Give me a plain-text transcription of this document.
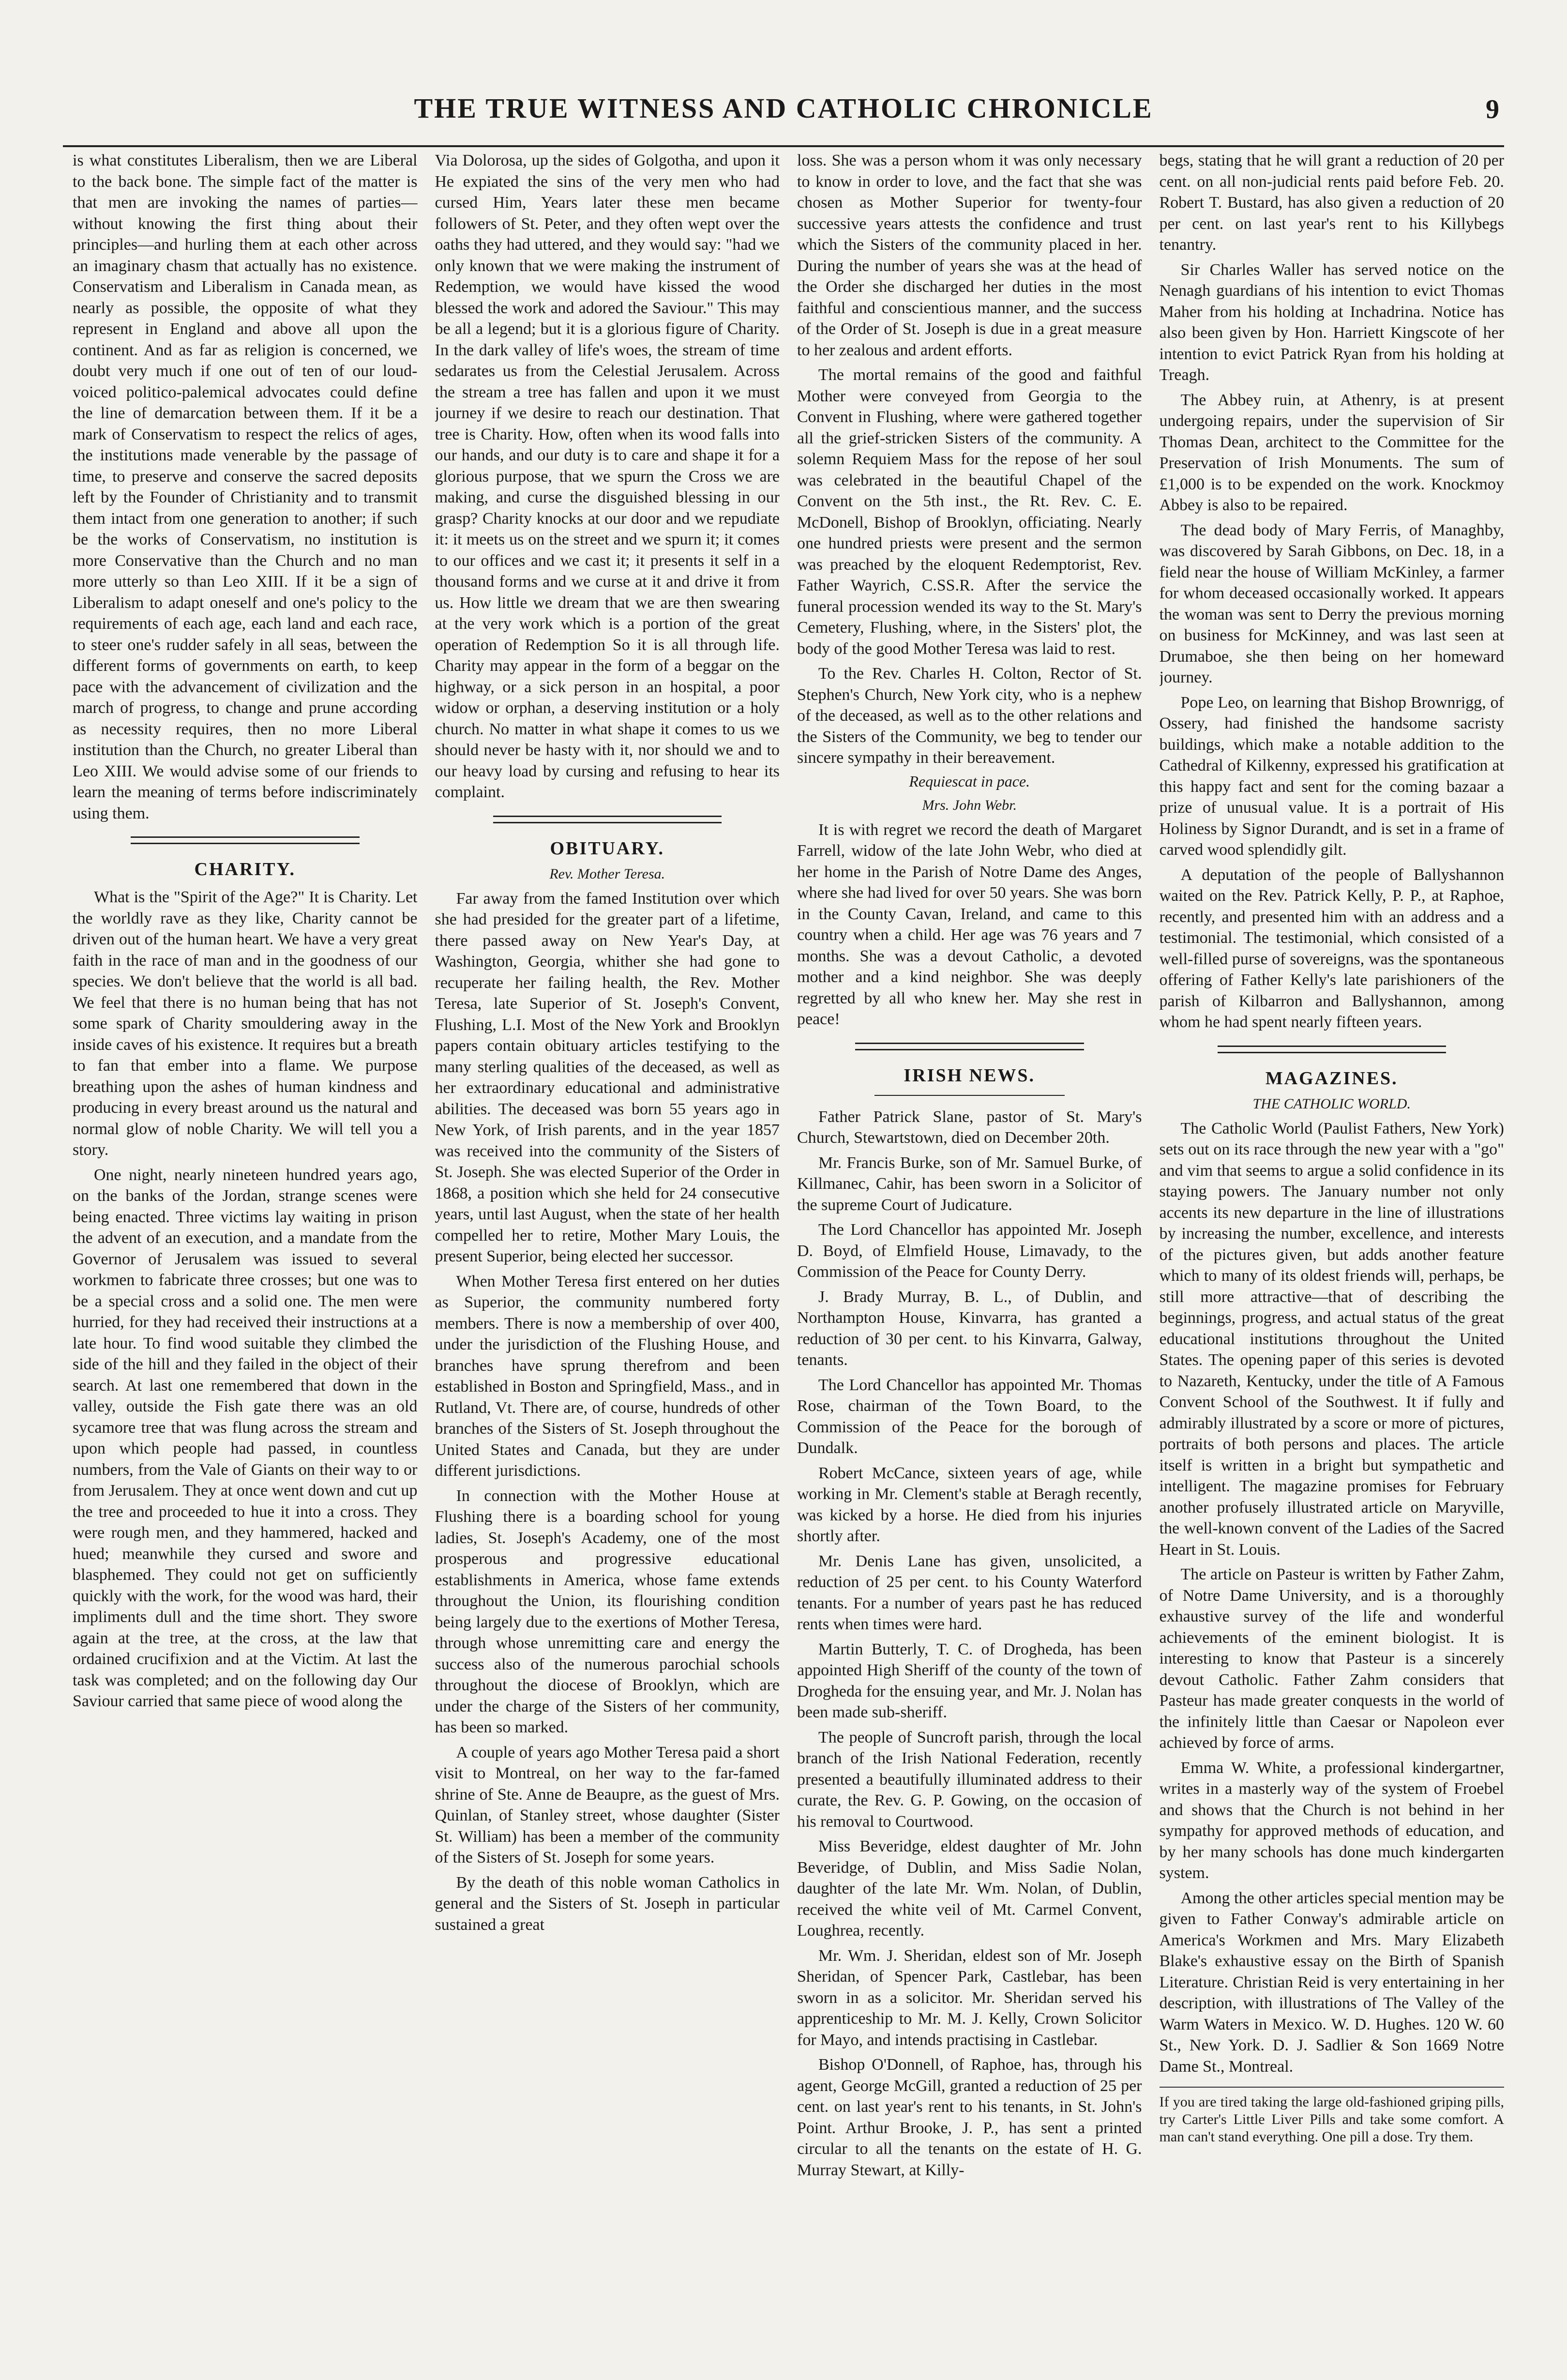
THE TRUE WITNESS AND CATHOLIC CHRONICLE	9

is what constitutes Liberalism, then we are Liberal to the back bone. The simple fact of the matter is that men are invoking the names of parties—without knowing the first thing about their principles—and hurling them at each other across an imaginary chasm that actually has no existence. Conservatism and Liberalism in Canada mean, as nearly as possible, the opposite of what they represent in England and above all upon the continent. And as far as religion is concerned, we doubt very much if one out of ten of our loud-voiced politico-palemical advocates could define the line of demarcation between them. If it be a mark of Conservatism to respect the relics of ages, the institutions made venerable by the passage of time, to preserve and conserve the sacred deposits left by the Founder of Christianity and to transmit them intact from one generation to another; if such be the works of Conservatism, no institution is more Conservative than the Church and no man more utterly so than Leo XIII. If it be a sign of Liberalism to adapt oneself and one's policy to the requirements of each age, each land and each race, to steer one's rudder safely in all seas, between the different forms of governments on earth, to keep pace with the advancement of civilization and the march of progress, to change and prune according as necessity requires, then no more Liberal institution than the Church, no greater Liberal than Leo XIII. We would advise some of our friends to learn the meaning of terms before indiscriminately using them.

CHARITY.

What is the "Spirit of the Age?" It is Charity. Let the worldly rave as they like, Charity cannot be driven out of the human heart. We have a very great faith in the race of man and in the goodness of our species. We don't believe that the world is all bad. We feel that there is no human being that has not some spark of Charity smouldering away in the inside caves of his existence. It requires but a breath to fan that ember into a flame. We purpose breathing upon the ashes of human kindness and producing in every breast around us the natural and normal glow of noble Charity. We will tell you a story.

One night, nearly nineteen hundred years ago, on the banks of the Jordan, strange scenes were being enacted. Three victims lay waiting in prison the advent of an execution, and a mandate from the Governor of Jerusalem was issued to several workmen to fabricate three crosses; but one was to be a special cross and a solid one. The men were hurried, for they had received their instructions at a late hour. To find wood suitable they climbed the side of the hill and they failed in the object of their search. At last one remembered that down in the valley, outside the Fish gate there was an old sycamore tree that was flung across the stream and upon which people had passed, in countless numbers, from the Vale of Giants on their way to or from Jerusalem. They at once went down and cut up the tree and proceeded to hue it into a cross. They were rough men, and they hammered, hacked and hued; meanwhile they cursed and swore and blasphemed. They could not get on sufficiently quickly with the work, for the wood was hard, their impliments dull and the time short. They swore again at the tree, at the cross, at the law that ordained crucifixion and at the Victim. At last the task was completed; and on the following day Our Saviour carried that same piece of wood along the

Via Dolorosa, up the sides of Golgotha, and upon it He expiated the sins of the very men who had cursed Him, Years later these men became followers of St. Peter, and they often wept over the oaths they had uttered, and they would say: "had we only known that we were making the instrument of Redemption, we would have kissed the wood blessed the work and adored the Saviour." This may be all a legend; but it is a glorious figure of Charity. In the dark valley of life's woes, the stream of time sedarates us from the Celestial Jerusalem. Across the stream a tree has fallen and upon it we must journey if we desire to reach our destination. That tree is Charity. How, often when its wood falls into our hands, and our duty is to care and shape it for a glorious purpose, that we spurn the Cross we are making, and curse the disguished blessing in our grasp? Charity knocks at our door and we repudiate it: it meets us on the street and we spurn it; it comes to our offices and we cast it; it presents it self in a thousand forms and we curse at it and drive it from us. How little we dream that we are then swearing at the very work which is a portion of the great operation of Redemption So it is all through life. Charity may appear in the form of a beggar on the highway, or a sick person in an hospital, a poor widow or orphan, a deserving institution or a holy church. No matter in what shape it comes to us we should never be hasty with it, nor should we and to our heavy load by cursing and refusing to hear its complaint.

OBITUARY.
Rev. Mother Teresa.

Far away from the famed Institution over which she had presided for the greater part of a lifetime, there passed away on New Year's Day, at Washington, Georgia, whither she had gone to recuperate her failing health, the Rev. Mother Teresa, late Superior of St. Joseph's Convent, Flushing, L.I. Most of the New York and Brooklyn papers contain obituary articles testifying to the many sterling qualities of the deceased, as well as her extraordinary educational and administrative abilities. The deceased was born 55 years ago in New York, of Irish parents, and in the year 1857 was received into the community of the Sisters of St. Joseph. She was elected Superior of the Order in 1868, a position which she held for 24 consecutive years, until last August, when the state of her health compelled her to retire, Mother Mary Louis, the present Superior, being elected her successor.

When Mother Teresa first entered on her duties as Superior, the community numbered forty members. There is now a membership of over 400, under the jurisdiction of the Flushing House, and branches have sprung therefrom and been established in Boston and Springfield, Mass., and in Rutland, Vt. There are, of course, hundreds of other branches of the Sisters of St. Joseph throughout the United States and Canada, but they are under different jurisdictions.

In connection with the Mother House at Flushing there is a boarding school for young ladies, St. Joseph's Academy, one of the most prosperous and progressive educational establishments in America, whose fame extends throughout the Union, its flourishing condition being largely due to the exertions of Mother Teresa, through whose unremitting care and energy the success also of the numerous parochial schools throughout the diocese of Brooklyn, which are under the charge of the Sisters of her community, has been so marked.

A couple of years ago Mother Teresa paid a short visit to Montreal, on her way to the far-famed shrine of Ste. Anne de Beaupre, as the guest of Mrs. Quinlan, of Stanley street, whose daughter (Sister St. William) has been a member of the community of the Sisters of St. Joseph for some years.

By the death of this noble woman Catholics in general and the Sisters of St. Joseph in particular sustained a great

loss. She was a person whom it was only necessary to know in order to love, and the fact that she was chosen as Mother Superior for twenty-four successive years attests the confidence and trust which the Sisters of the community placed in her. During the number of years she was at the head of the Order she discharged her duties in the most faithful and conscientious manner, and the success of the Order of St. Joseph is due in a great measure to her zealous and ardent efforts.

The mortal remains of the good and faithful Mother were conveyed from Georgia to the Convent in Flushing, where were gathered together all the grief-stricken Sisters of the community. A solemn Requiem Mass for the repose of her soul was celebrated in the beautiful Chapel of the Convent on the 5th inst., the Rt. Rev. C. E. McDonell, Bishop of Brooklyn, officiating. Nearly one hundred priests were present and the sermon was preached by the eloquent Redemptorist, Rev. Father Wayrich, C.SS.R. After the service the funeral procession wended its way to the St. Mary's Cemetery, Flushing, where, in the Sisters' plot, the body of the good Mother Teresa was laid to rest.

To the Rev. Charles H. Colton, Rector of St. Stephen's Church, New York city, who is a nephew of the deceased, as well as to the other relations and the Sisters of the Community, we beg to tender our sincere sympathy in their bereavement.

Requiescat in pace.
Mrs. John Webr.

It is with regret we record the death of Margaret Farrell, widow of the late John Webr, who died at her home in the Parish of Notre Dame des Anges, where she had lived for over 50 years. She was born in the County Cavan, Ireland, and came to this country when a child. Her age was 76 years and 7 months. She was a devout Catholic, a devoted mother and a kind neighbor. She was deeply regretted by all who knew her. May she rest in peace!

IRISH NEWS.

Father Patrick Slane, pastor of St. Mary's Church, Stewartstown, died on December 20th.

Mr. Francis Burke, son of Mr. Samuel Burke, of Killmanec, Cahir, has been sworn in a Solicitor of the supreme Court of Judicature.

The Lord Chancellor has appointed Mr. Joseph D. Boyd, of Elmfield House, Limavady, to the Commission of the Peace for County Derry.

J. Brady Murray, B. L., of Dublin, and Northampton House, Kinvarra, has granted a reduction of 30 per cent. to his Kinvarra, Galway, tenants.

The Lord Chancellor has appointed Mr. Thomas Rose, chairman of the Town Board, to the Commission of the Peace for the borough of Dundalk.

Robert McCance, sixteen years of age, while working in Mr. Clement's stable at Beragh recently, was kicked by a horse. He died from his injuries shortly after.

Mr. Denis Lane has given, unsolicited, a reduction of 25 per cent. to his County Waterford tenants. For a number of years past he has reduced rents when times were hard.

Martin Butterly, T. C. of Drogheda, has been appointed High Sheriff of the county of the town of Drogheda for the ensuing year, and Mr. J. Nolan has been made sub-sheriff.

The people of Suncroft parish, through the local branch of the Irish National Federation, recently presented a beautifully illuminated address to their curate, the Rev. G. P. Gowing, on the occasion of his removal to Courtwood.

Miss Beveridge, eldest daughter of Mr. John Beveridge, of Dublin, and Miss Sadie Nolan, daughter of the late Mr. Wm. Nolan, of Dublin, received the white veil of Mt. Carmel Convent, Loughrea, recently.

Mr. Wm. J. Sheridan, eldest son of Mr. Joseph Sheridan, of Spencer Park, Castlebar, has been sworn in as a solicitor. Mr. Sheridan served his apprenticeship to Mr. M. J. Kelly, Crown Solicitor for Mayo, and intends practising in Castlebar.

Bishop O'Donnell, of Raphoe, has, through his agent, George McGill, granted a reduction of 25 per cent. on last year's rent to his tenants, in St. John's Point. Arthur Brooke, J. P., has sent a printed circular to all the tenants on the estate of H. G. Murray Stewart, at Killy-

begs, stating that he will grant a reduction of 20 per cent. on all non-judicial rents paid before Feb. 20. Robert T. Bustard, has also given a reduction of 20 per cent. on last year's rent to his Killybegs tenantry.

Sir Charles Waller has served notice on the Nenagh guardians of his intention to evict Thomas Maher from his holding at Inchadrina. Notice has also been given by Hon. Harriett Kingscote of her intention to evict Patrick Ryan from his holding at Treagh.

The Abbey ruin, at Athenry, is at present undergoing repairs, under the supervision of Sir Thomas Dean, architect to the Committee for the Preservation of Irish Monuments. The sum of £1,000 is to be expended on the work. Knockmoy Abbey is also to be repaired.

The dead body of Mary Ferris, of Managhby, was discovered by Sarah Gibbons, on Dec. 18, in a field near the house of William McKinley, a farmer for whom deceased occasionally worked. It appears the woman was sent to Derry the previous morning on business for McKinney, and was last seen at Drumaboe, she then being on her homeward journey.

Pope Leo, on learning that Bishop Brownrigg, of Ossery, had finished the handsome sacristy buildings, which make a notable addition to the Cathedral of Kilkenny, expressed his gratification at this happy fact and sent for the coming bazaar a prize of unusual value. It is a portrait of His Holiness by Signor Durandt, and is set in a frame of carved wood splendidly gilt.

A deputation of the people of Ballyshannon waited on the Rev. Patrick Kelly, P. P., at Raphoe, recently, and presented him with an address and a testimonial. The testimonial, which consisted of a well-filled purse of sovereigns, was the spontaneous offering of Father Kelly's late parishioners of the parish of Kilbarron and Ballyshannon, among whom he had spent nearly fifteen years.

MAGAZINES.
THE CATHOLIC WORLD.

The Catholic World (Paulist Fathers, New York) sets out on its race through the new year with a "go" and vim that seems to argue a solid confidence in its staying powers. The January number not only accents its new departure in the line of illustrations by increasing the number, excellence, and interests of the pictures given, but adds another feature which to many of its oldest friends will, perhaps, be still more attractive—that of describing the beginnings, progress, and actual status of the great educational institutions throughout the United States. The opening paper of this series is devoted to Nazareth, Kentucky, under the title of A Famous Convent School of the Southwest. It if fully and admirably illustrated by a score or more of pictures, portraits of both persons and places. The article itself is written in a bright but sympathetic and intelligent. The magazine promises for February another profusely illustrated article on Maryville, the well-known convent of the Ladies of the Sacred Heart in St. Louis.

The article on Pasteur is written by Father Zahm, of Notre Dame University, and is a thoroughly exhaustive survey of the life and wonderful achievements of the eminent biologist. It is interesting to know that Pasteur is a sincerely devout Catholic. Father Zahm considers that Pasteur has made greater conquests in the world of the infinitely little than Caesar or Napoleon ever achieved by force of arms.

Emma W. White, a professional kindergartner, writes in a masterly way of the system of Froebel and shows that the Church is not behind in her sympathy for approved methods of education, and by her many schools has done much kindergarten system.

Among the other articles special mention may be given to Father Conway's admirable article on America's Workmen and Mrs. Mary Elizabeth Blake's exhaustive essay on the Birth of Spanish Literature. Christian Reid is very entertaining in her description, with illustrations of The Valley of the Warm Waters in Mexico. W. D. Hughes. 120 W. 60 St., New York. D. J. Sadlier & Son 1669 Notre Dame St., Montreal.

If you are tired taking the large old-fashioned griping pills, try Carter's Little Liver Pills and take some comfort. A man can't stand everything. One pill a dose. Try them.
